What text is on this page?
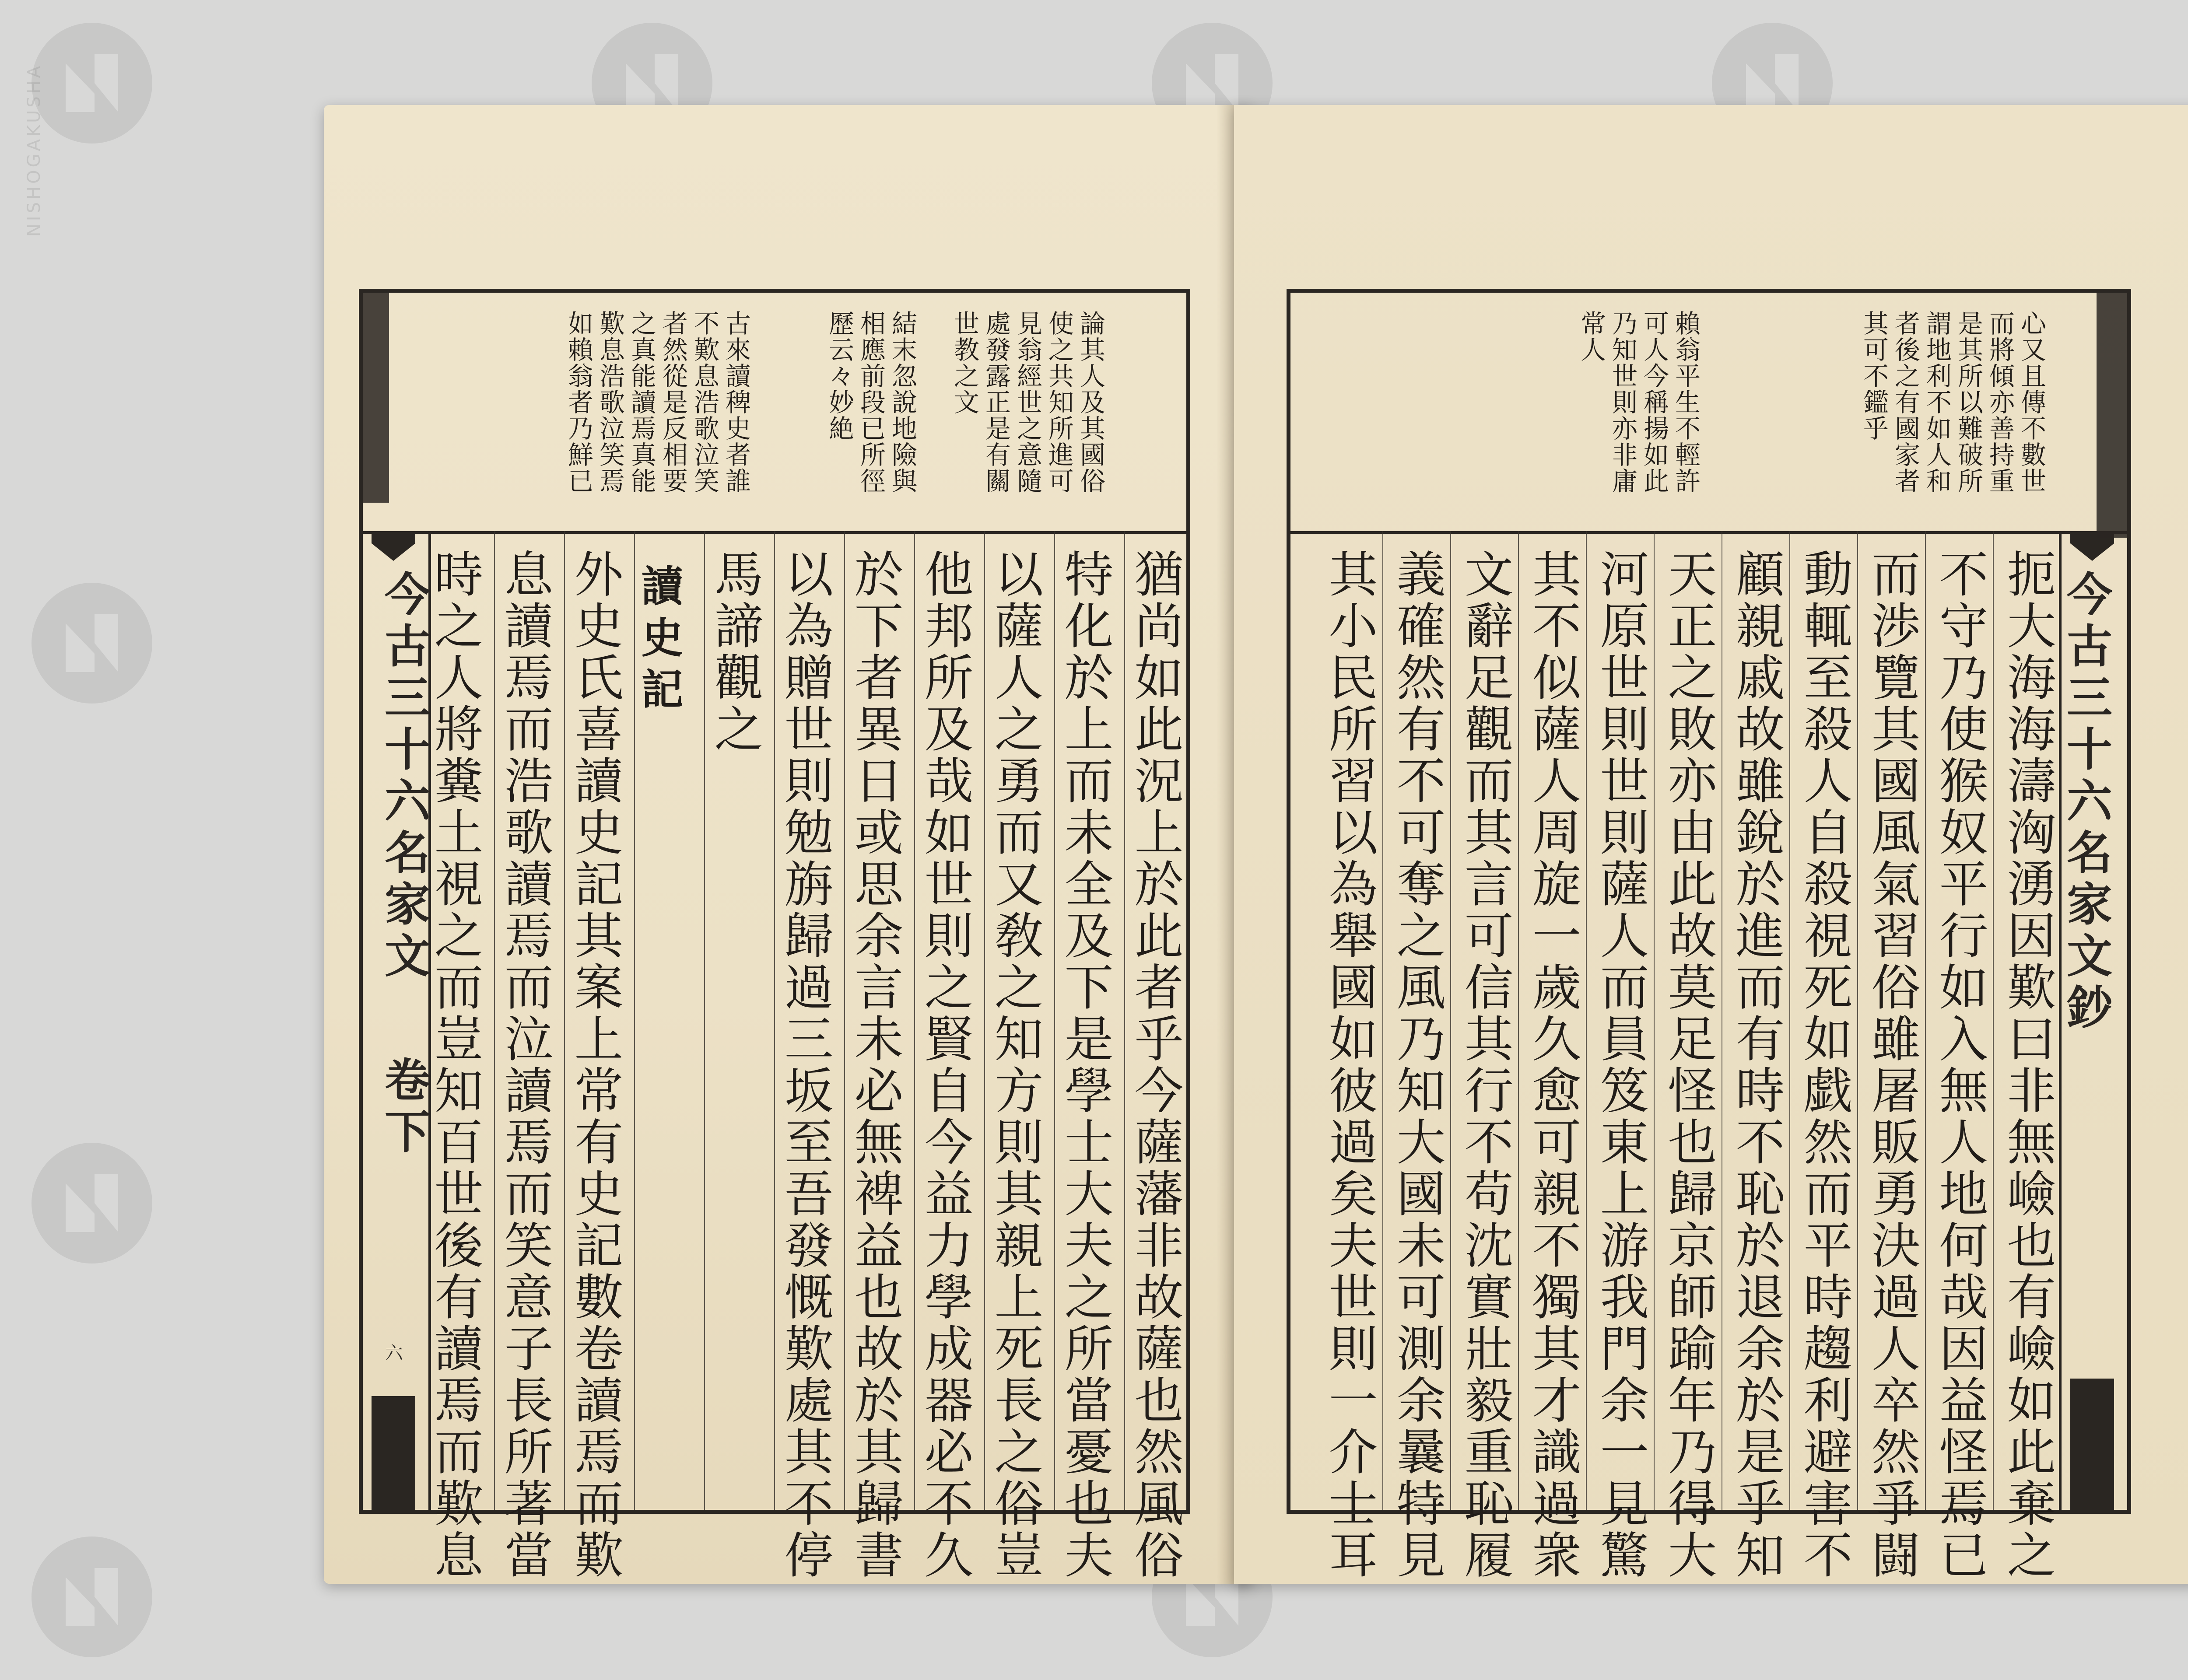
NISHOGAKUSHA
論其人及其國俗
使之共知所進可
見翁經世之意隨
處發露正是有關
世教之文
結末忽說地險與
相應前段已所徑
歷云々妙絶
古來讀稗史者誰
不歎息浩歌泣笑
者然從是反相要
之真能讀焉真能
歎息浩歌泣笑焉
如賴翁者乃鮮已
猶尚如此況上於此者乎今薩藩非故薩也然風俗
特化於上而未全及下是學士大夫之所當憂也夫
以薩人之勇而又敎之知方則其親上死長之俗豈
他邦所及哉如世則之賢自今益力學成器必不久
於下者異日或思余言未必無裨益也故於其歸書
以為贈世則勉旃歸過三坂至吾發慨歎處其不停
馬諦觀之
讀史記
外史氏喜讀史記其案上常有史記數卷讀焉而歎
息讀焉而浩歌讀焉而泣讀焉而笑意子長所著當
時之人將糞土視之而豈知百世後有讀焉而歎息
今古三十六名家文
卷下
六
心又且傳不數世
而將傾亦善持重
是其所以難破所
謂地利不如人和
者後之有國家者
其可不鑑乎
賴翁平生不輕許
可人今稱揚如此
乃知世則亦非庸
常人
扼大海海濤洶湧因歎曰非無嶮也有嶮如此棄之
不守乃使猴奴平行如入無人地何哉因益怪焉已
而渉覽其國風氣習俗雖屠販勇決過人卒然爭闘
動輒至殺人自殺視死如戯然而平時趨利避害不
顧親戚故雖銳於進而有時不恥於退余於是乎知
天正之敗亦由此故莫足怪也歸京師踰年乃得大
河原世則世則薩人而員笈東上游我門余一見驚
其不似薩人周旋一歲久愈可親不獨其才識過衆
文辭足觀而其言可信其行不苟沈實壯毅重恥履
義確然有不可奪之風乃知大國未可測余曩特見
其小民所習以為舉國如彼過矣夫世則一介士耳	今古三十六名家文鈔
